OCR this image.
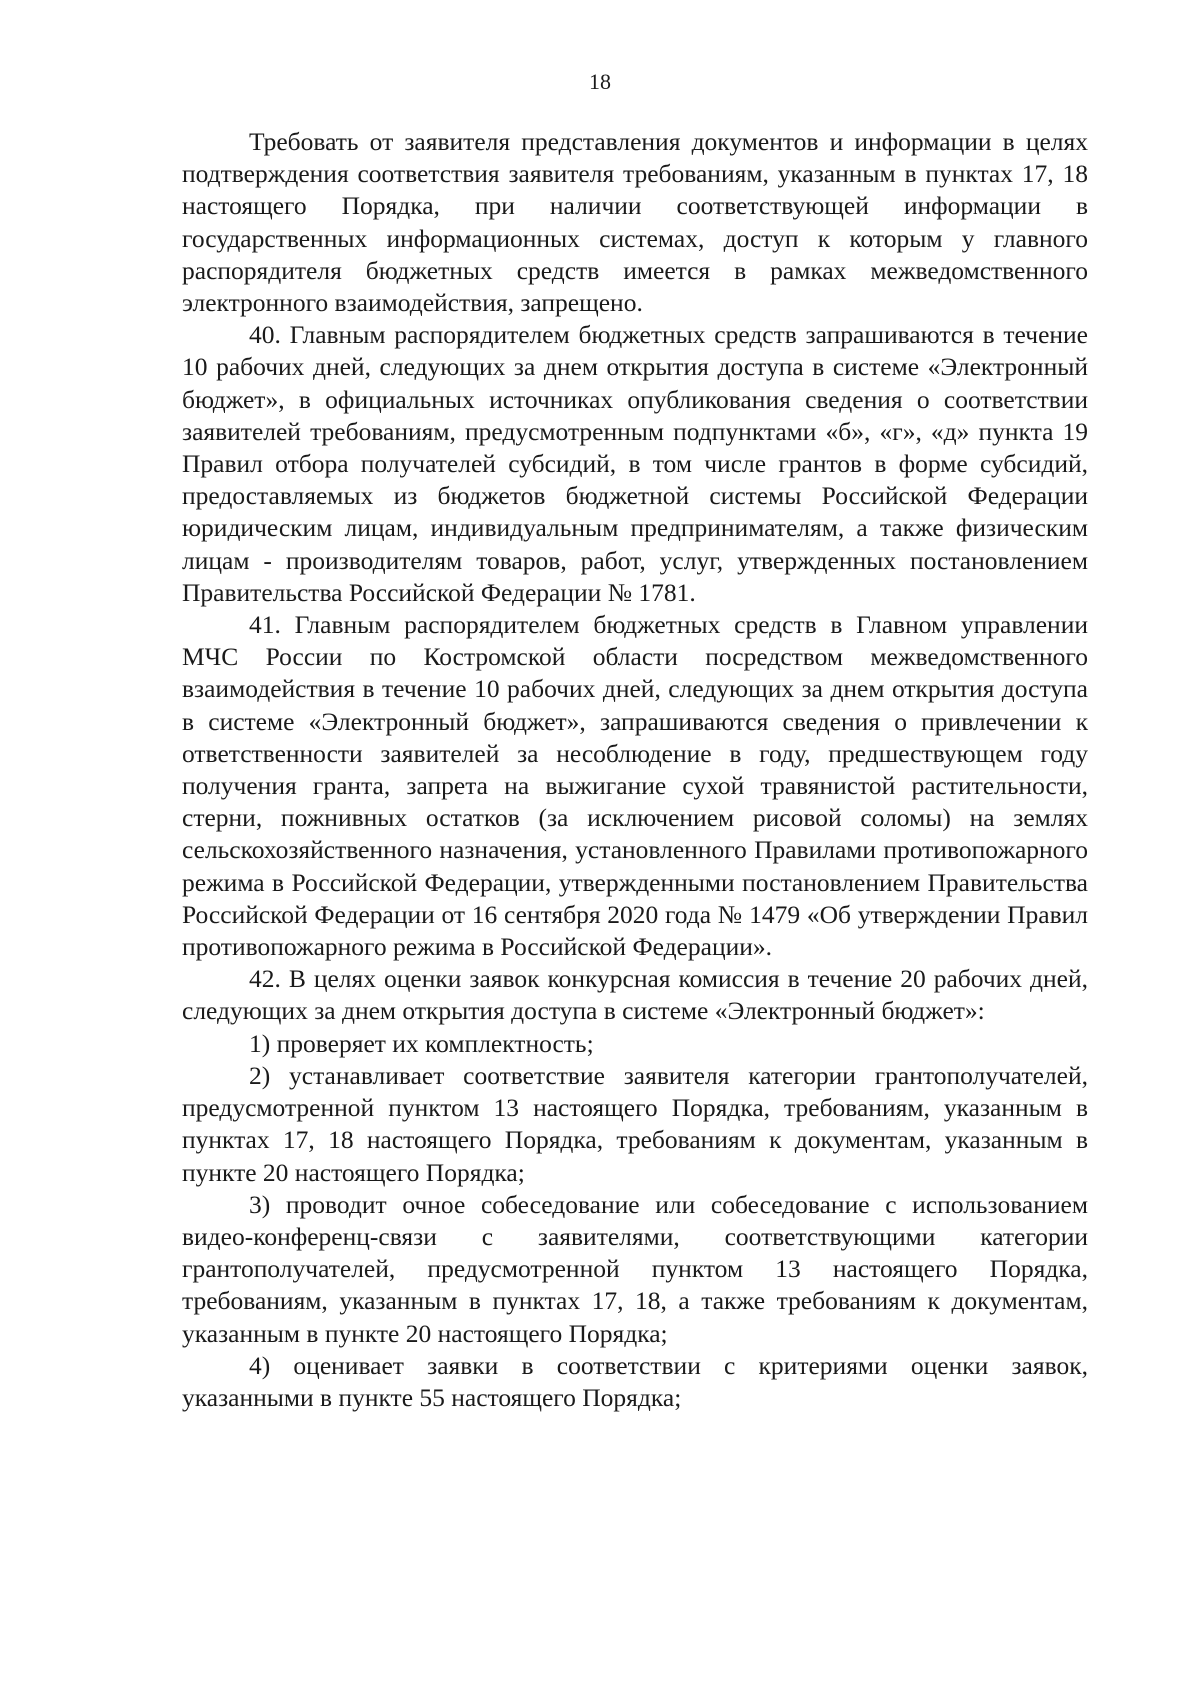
18

Требовать от заявителя представления документов и информации в целях подтверждения соответствия заявителя требованиям, указанным в пунктах 17, 18 настоящего Порядка, при наличии соответствующей информации в государственных информационных системах, доступ к которым у главного распорядителя бюджетных средств имеется в рамках межведомственного электронного взаимодействия, запрещено.

40. Главным распорядителем бюджетных средств запрашиваются в течение 10 рабочих дней, следующих за днем открытия доступа в системе «Электронный бюджет», в официальных источниках опубликования сведения о соответствии заявителей требованиям, предусмотренным подпунктами «б», «г», «д» пункта 19 Правил отбора получателей субсидий, в том числе грантов в форме субсидий, предоставляемых из бюджетов бюджетной системы Российской Федерации юридическим лицам, индивидуальным предпринимателям, а также физическим лицам - производителям товаров, работ, услуг, утвержденных постановлением Правительства Российской Федерации № 1781.

41. Главным распорядителем бюджетных средств в Главном управлении МЧС России по Костромской области посредством межведомственного взаимодействия в течение 10 рабочих дней, следующих за днем открытия доступа в системе «Электронный бюджет», запрашиваются сведения о привлечении к ответственности заявителей за несоблюдение в году, предшествующем году получения гранта, запрета на выжигание сухой травянистой растительности, стерни, пожнивных остатков (за исключением рисовой соломы) на землях сельскохозяйственного назначения, установленного Правилами противопожарного режима в Российской Федерации, утвержденными постановлением Правительства Российской Федерации от 16 сентября 2020 года № 1479 «Об утверждении Правил противопожарного режима в Российской Федерации».

42. В целях оценки заявок конкурсная комиссия в течение 20 рабочих дней, следующих за днем открытия доступа в системе «Электронный бюджет»:

1) проверяет их комплектность;

2) устанавливает соответствие заявителя категории грантополучателей, предусмотренной пунктом 13 настоящего Порядка, требованиям, указанным в пунктах 17, 18 настоящего Порядка, требованиям к документам, указанным в пункте 20 настоящего Порядка;

3) проводит очное собеседование или собеседование с использованием видео-конференц-связи с заявителями, соответствующими категории грантополучателей, предусмотренной пунктом 13 настоящего Порядка, требованиям, указанным в пунктах 17, 18, а также требованиям к документам, указанным в пункте 20 настоящего Порядка;

4) оценивает заявки в соответствии с критериями оценки заявок, указанными в пункте 55 настоящего Порядка;
